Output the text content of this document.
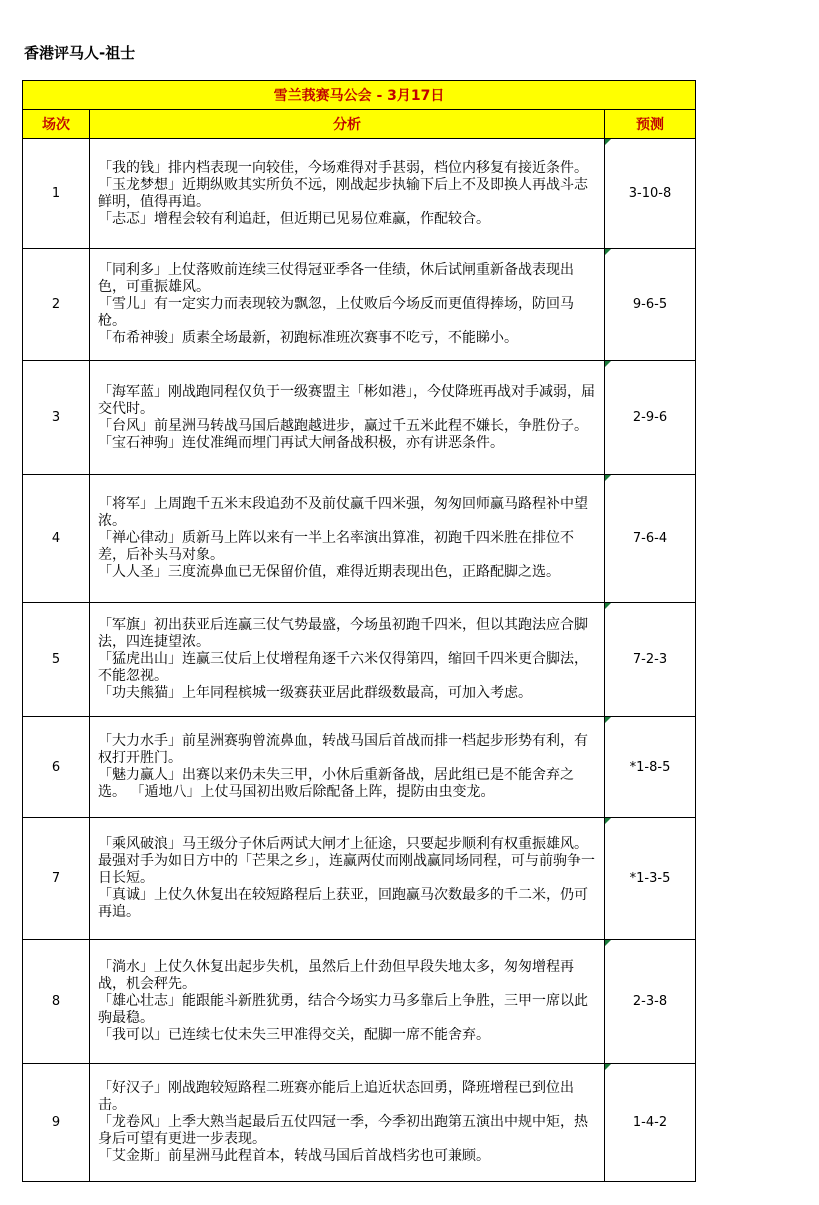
香港评马人-祖士
雪兰莪赛马公会 - 3月17日		
场次	分析	预测
1	「我的钱」排内档表现一向较佳，今场难得对手甚弱，档位内移复有接近条件。

「玉龙梦想」近期纵败其实所负不远，刚战起步执输下后上不及即换人再战斗志鲜明，值得再追。

「忐忑」增程会较有利追赶，但近期已见易位难赢，作配较合。	3-10-8
2	「同利多」上仗落败前连续三仗得冠亚季各一佳绩，休后试闸重新备战表现出色，可重振雄风。

「雪儿」有一定实力而表现较为飘忽，上仗败后今场反而更值得捧场，防回马枪。

「布希神骏」质素全场最新，初跑标准班次赛事不吃亏，不能睇小。	9-6-5
3	「海军蓝」刚战跑同程仅负于一级赛盟主「彬如港」，今仗降班再战对手减弱，届交代时。

「台风」前星洲马转战马国后越跑越进步，赢过千五米此程不嫌长，争胜份子。

「宝石神驹」连仗准绳而埋门再试大闸备战积极，亦有讲恶条件。	2-9-6
4	「将军」上周跑千五米末段追劲不及前仗赢千四米强，匆匆回师赢马路程补中望浓。

「禅心律动」质新马上阵以来有一半上名率演出算准，初跑千四米胜在排位不差，后补头马对象。

「人人圣」三度流鼻血已无保留价值，难得近期表现出色，正路配脚之选。	7-6-4
5	「军旗」初出获亚后连赢三仗气势最盛，今场虽初跑千四米，但以其跑法应合脚法，四连捷望浓。

「猛虎出山」连赢三仗后上仗增程角逐千六米仅得第四，缩回千四米更合脚法，不能忽视。

「功夫熊猫」上年同程槟城一级赛获亚居此群级数最高，可加入考虑。	7-2-3
6	「大力水手」前星洲赛驹曾流鼻血，转战马国后首战而排一档起步形势有利，有权打开胜门。

「魅力赢人」出赛以来仍未失三甲，小休后重新备战，居此组已是不能舍弃之选。 「遁地八」上仗马国初出败后除配备上阵，提防由虫变龙。	*1-8-5
7	「乘风破浪」马王级分子休后两试大闸才上征途，只要起步顺利有权重振雄风。最强对手为如日方中的「芒果之乡」，连赢两仗而刚战赢同场同程，可与前驹争一日长短。

「真诚」上仗久休复出在较短路程后上获亚，回跑赢马次数最多的千二米，仍可再追。	*1-3-5
8	「淌水」上仗久休复出起步失机，虽然后上什劲但早段失地太多，匆匆增程再战，机会秤先。

「雄心壮志」能跟能斗新胜犹勇，结合今场实力马多靠后上争胜，三甲一席以此驹最稳。

「我可以」已连续七仗未失三甲准得交关，配脚一席不能舍弃。	2-3-8
9	「好汉子」刚战跑较短路程二班赛亦能后上追近状态回勇，降班增程已到位出击。

「龙卷风」上季大熟当起最后五仗四冠一季，今季初出跑第五演出中规中矩，热身后可望有更进一步表现。

「艾金斯」前星洲马此程首本，转战马国后首战档劣也可兼顾。	1-4-2
